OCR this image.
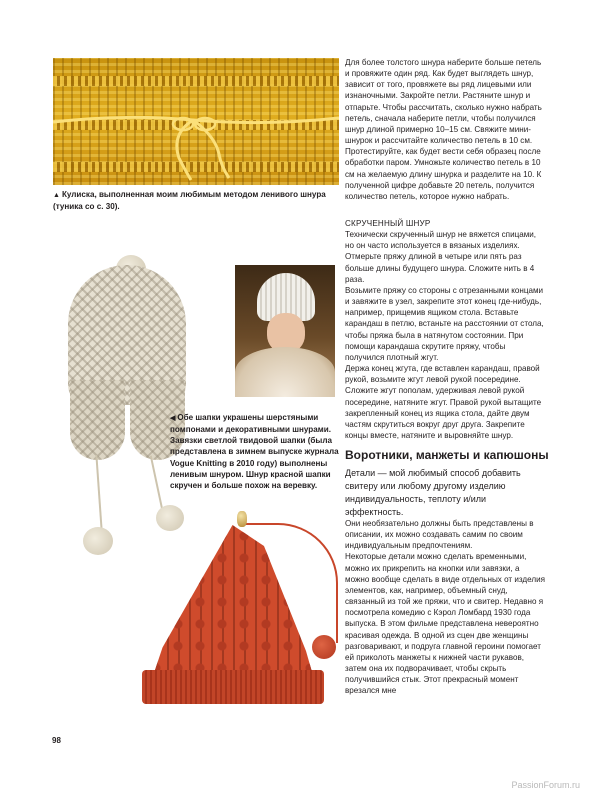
▲ Кулиска, выполненная моим любимым методом ленивого шнура (туника со с. 30).
◀ Обе шапки украшены шерстяными помпонами и декоративными шнурами. Завязки светлой твидовой шапки (была представлена в зимнем выпуске журнала Vogue Knitting в 2010 году) выполнены ленивым шнуром. Шнур красной шапки скручен и больше похож на веревку.

Для более толстого шнура наберите больше петель и провяжите один ряд. Как будет выглядеть шнур, зависит от того, провяжете вы ряд лицевыми или изнаночными. Закройте петли. Растяните шнур и отпарьте. Чтобы рассчитать, сколько нужно набрать петель, сначала наберите петли, чтобы получился шнур длиной примерно 10–15 см. Свяжите мини-шнурок и рассчитайте количество петель в 10 см. Протестируйте, как будет вести себя образец после обработки паром. Умножьте количество петель в 10 см на желаемую длину шнурка и разделите на 10. К полученной цифре добавьте 20 петель, получится количество петель, которое нужно набрать.

СКРУЧЕННЫЙ ШНУР

Технически скрученный шнур не вяжется спицами, но он часто используется в вязаных изделиях. Отмерьте пряжу длиной в четыре или пять раз больше длины будущего шнура. Сложите нить в 4 раза.

Возьмите пряжу со стороны с отрезанными концами и завяжите в узел, закрепите этот конец где-нибудь, например, прищемив ящиком стола. Вставьте карандаш в петлю, встаньте на расстоянии от стола, чтобы пряжа была в натянутом состоянии. При помощи карандаша скрутите пряжу, чтобы получился плотный жгут.

Держа конец жгута, где вставлен карандаш, правой рукой, возьмите жгут левой рукой посередине. Сложите жгут пополам, удерживая левой рукой посередине, натяните жгут. Правой рукой вытащите закрепленный конец из ящика стола, дайте двум частям скрутиться вокруг друг друга. Закрепите концы вместе, натяните и выровняйте шнур.

Воротники, манжеты и капюшоны
Детали — мой любимый способ добавить свитеру или любому другому изделию индивидуальность, теплоту и/или эффектность.

Они необязательно должны быть представлены в описании, их можно создавать самим по своим индивидуальным предпочтениям.

Некоторые детали можно сделать временными, можно их прикрепить на кнопки или завязки, а можно вообще сделать в виде отдельных от изделия элементов, как, например, объемный снуд, связанный из той же пряжи, что и свитер. Недавно я посмотрела комедию с Кэрол Ломбард 1930 года выпуска. В этом фильме представлена невероятно красивая одежда. В одной из сцен две женщины разговаривают, и подруга главной героини помогает ей приколоть манжеты к нижней части рукавов, затем она их подворачивает, чтобы скрыть получившийся стык. Этот прекрасный момент врезался мне

98
PassionForum.ru
